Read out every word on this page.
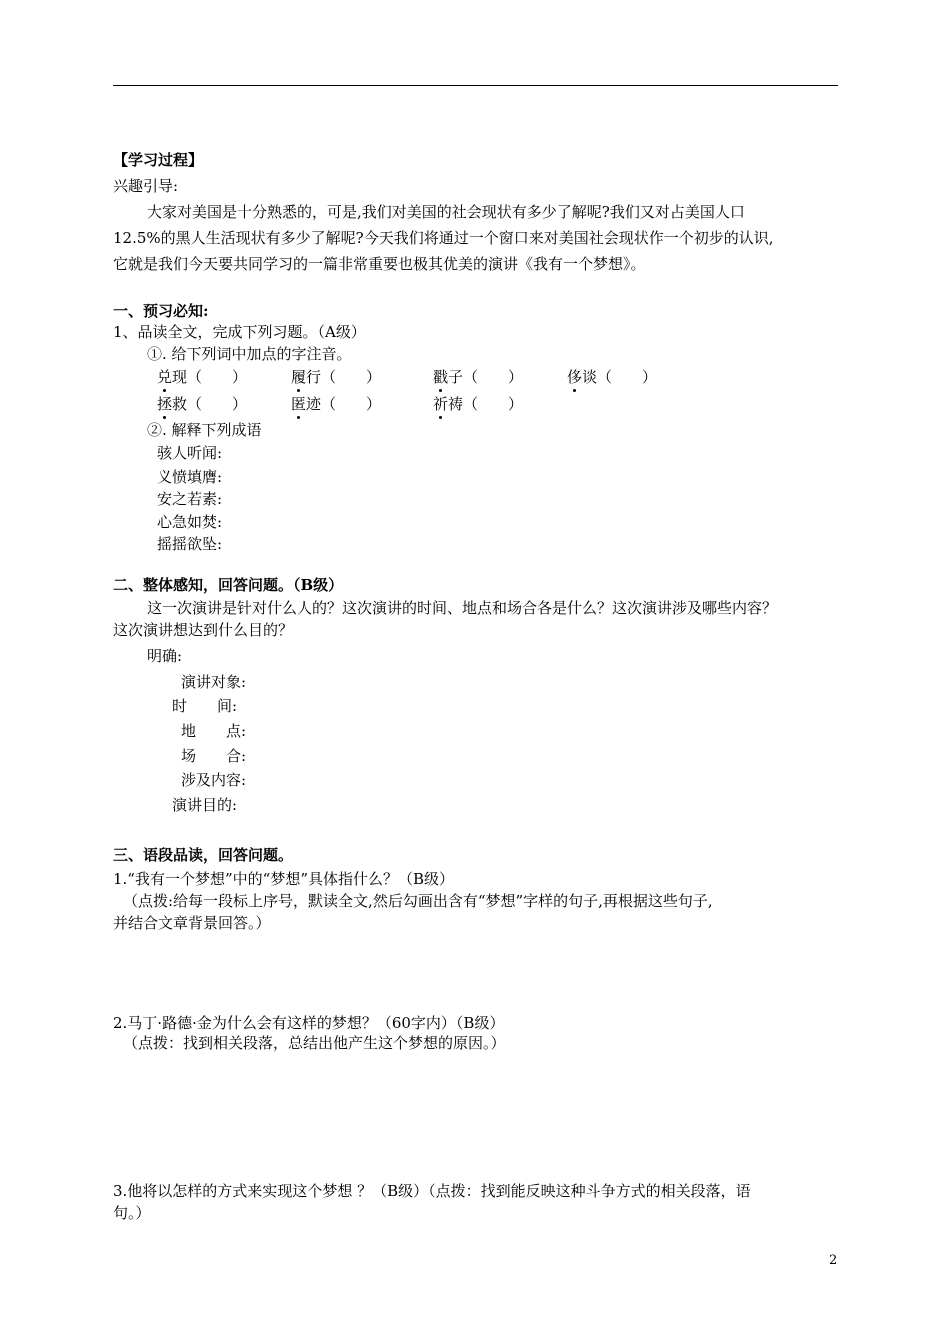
【学习过程】
兴趣引导:
大家对美国是十分熟悉的，可是,我们对美国的社会现状有多少了解呢?我们又对占美国人口
12.5%的黑人生活现状有多少了解呢?今天我们将通过一个窗口来对美国社会现状作一个初步的认识,
它就是我们今天要共同学习的一篇非常重要也极其优美的演讲《我有一个梦想》。
一、预习必知:
1、品读全文，完成下列习题。（A级）
①. 给下列词中加点的字注音。
兑现（　　）	履行（　　）	戳子（　　）	侈谈（　　）
拯救（　　）	匿迹（　　）	祈祷（　　）
②. 解释下列成语
骇人听闻:
义愤填膺:
安之若素:
心急如焚:
摇摇欲坠:
二、整体感知，回答问题。（B级）
这一次演讲是针对什么人的？这次演讲的时间、地点和场合各是什么？这次演讲涉及哪些内容？
这次演讲想达到什么目的？
明确:
演讲对象:
时　　间:
地　　点:
场　　合:
涉及内容:
演讲目的:
三、语段品读，回答问题。
1.“我有一个梦想”中的“梦想”具体指什么？（B级）
（点拨:给每一段标上序号，默读全文,然后勾画出含有“梦想”字样的句子,再根据这些句子,
并结合文章背景回答。）
2.马丁·路德·金为什么会有这样的梦想？（60字内）（B级）
（点拨：找到相关段落，总结出他产生这个梦想的原因。）
3.他将以怎样的方式来实现这个梦想 ？（B级）（点拨：找到能反映这种斗争方式的相关段落，语
句。）
2
